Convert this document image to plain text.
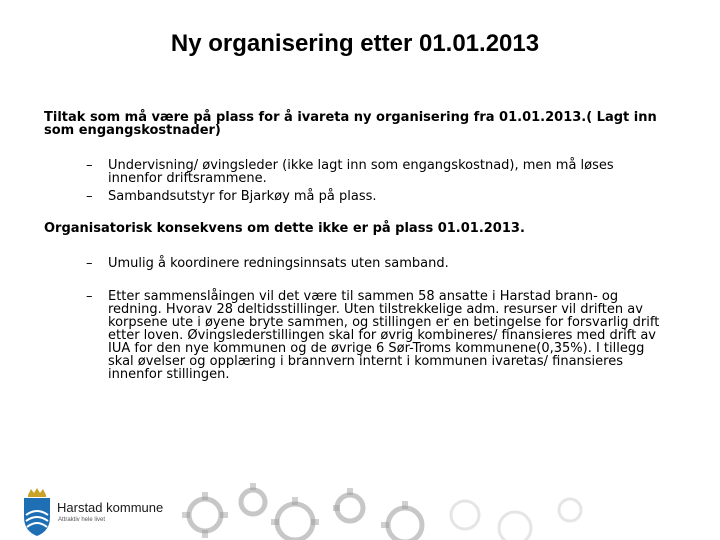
Ny organisering etter 01.01.2013
Tiltak som må være på plass for å ivareta ny organisering fra 01.01.2013.( Lagt inn som engangskostnader)
– Undervisning/ øvingsleder (ikke lagt inn som engangskostnad), men må løses innenfor driftsrammene.
– Sambandsutstyr for Bjarkøy må på plass.
Organisatorisk konsekvens om dette ikke er på plass 01.01.2013.
– Umulig å koordinere redningsinnsats uten samband.
– Etter sammenslåingen vil det være til sammen 58 ansatte i Harstad brann- og redning. Hvorav 28 deltidsstillinger. Uten tilstrekkelige adm. resurser vil driften av korpsene ute i øyene bryte sammen, og stillingen er en betingelse for forsvarlig drift etter loven. Øvingslederstillingen skal for øvrig kombineres/ finansieres med drift av IUA for den nye kommunen og de øvrige 6 Sør-Troms kommunene(0,35%). I tillegg skal øvelser og opplæring i brannvern internt i kommunen ivaretas/ finansieres innenfor stillingen.
Harstad kommune
Attraktiv hele livet
